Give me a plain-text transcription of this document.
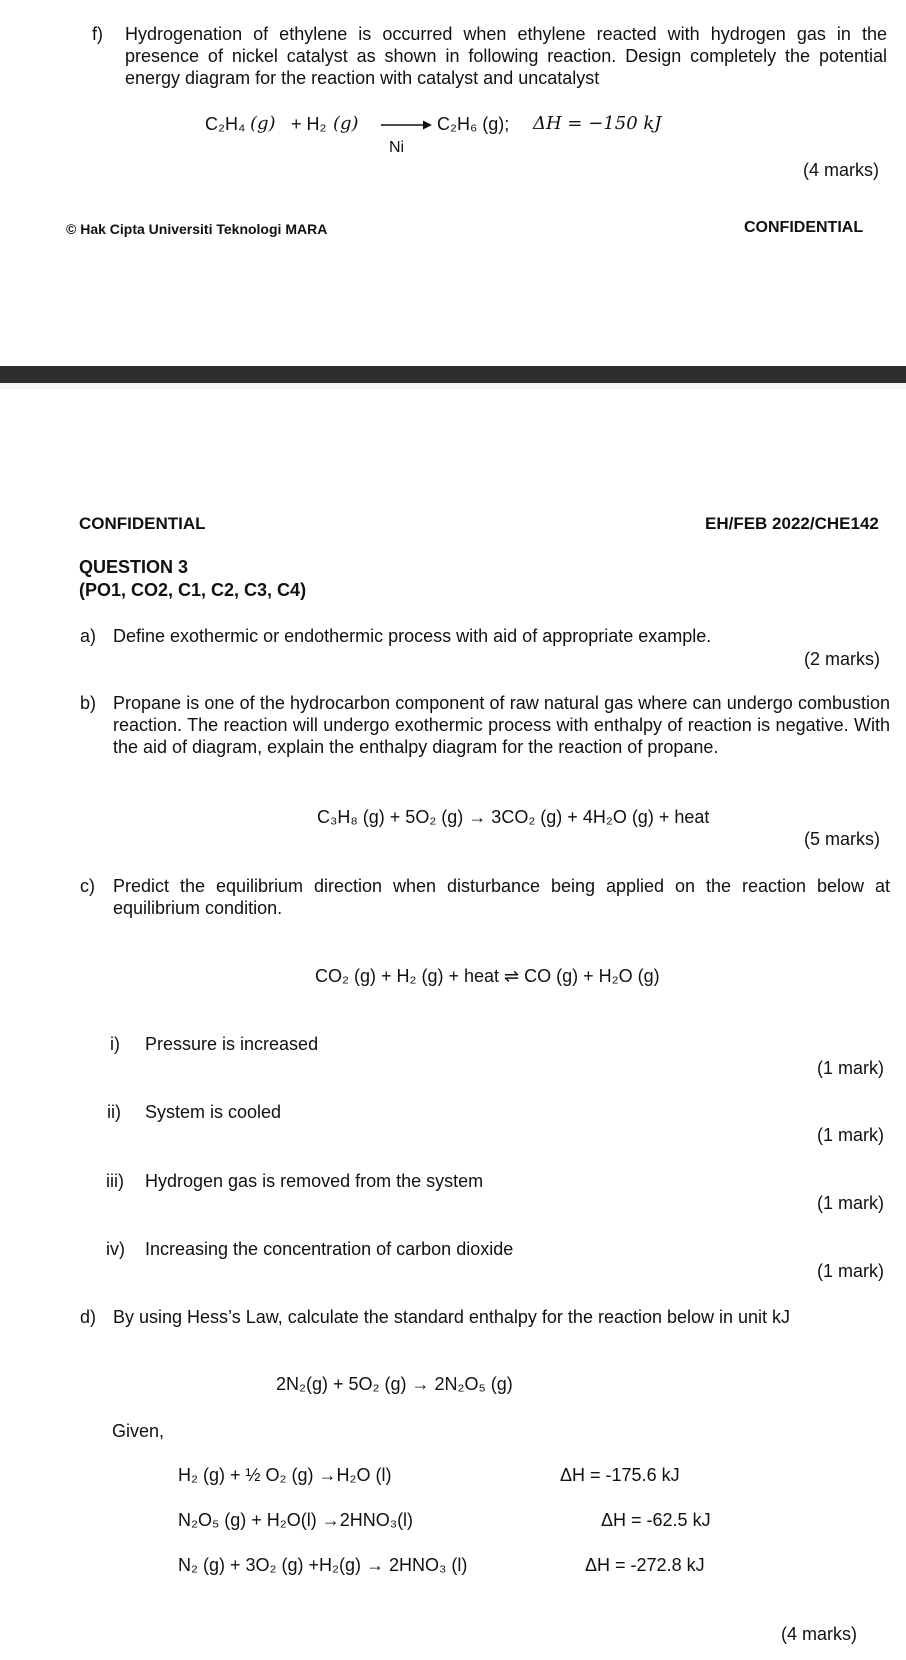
f) Hydrogenation of ethylene is occurred when ethylene reacted with hydrogen gas in the presence of nickel catalyst as shown in following reaction. Design completely the potential energy diagram for the reaction with catalyst and uncatalyst
C₂H₄ (g) + H₂ (g) →
Ni
C₂H₆ (g); ΔH = −150 kJ
(4 marks)
© Hak Cipta Universiti Teknologi MARA	CONFIDENTIAL
CONFIDENTIAL	EH/FEB 2022/CHE142
QUESTION 3
(PO1, CO2, C1, C2, C3, C4)
a) Define exothermic or endothermic process with aid of appropriate example.
(2 marks)
b) Propane is one of the hydrocarbon component of raw natural gas where can undergo combustion reaction. The reaction will undergo exothermic process with enthalpy of reaction is negative. With the aid of diagram, explain the enthalpy diagram for the reaction of propane.
C₃H₈ (g) + 5O₂ (g) → 3CO₂ (g) + 4H₂O (g) + heat
(5 marks)
c) Predict the equilibrium direction when disturbance being applied on the reaction below at equilibrium condition.
CO₂ (g) + H₂ (g) + heat ⇌ CO (g) + H₂O (g)
i) Pressure is increased
(1 mark)
ii) System is cooled
(1 mark)
iii) Hydrogen gas is removed from the system
(1 mark)
iv) Increasing the concentration of carbon dioxide
(1 mark)
d) By using Hess’s Law, calculate the standard enthalpy for the reaction below in unit kJ
2N₂(g) + 5O₂ (g) → 2N₂O₅ (g)
Given,
H₂ (g) + ½ O₂ (g) →H₂O (l)	ΔH = -175.6 kJ
N₂O₅ (g) + H₂O(l) →2HNO₃(l)	ΔH = -62.5 kJ
N₂ (g) + 3O₂ (g) +H₂(g) → 2HNO₃ (l)	ΔH = -272.8 kJ
(4 marks)
